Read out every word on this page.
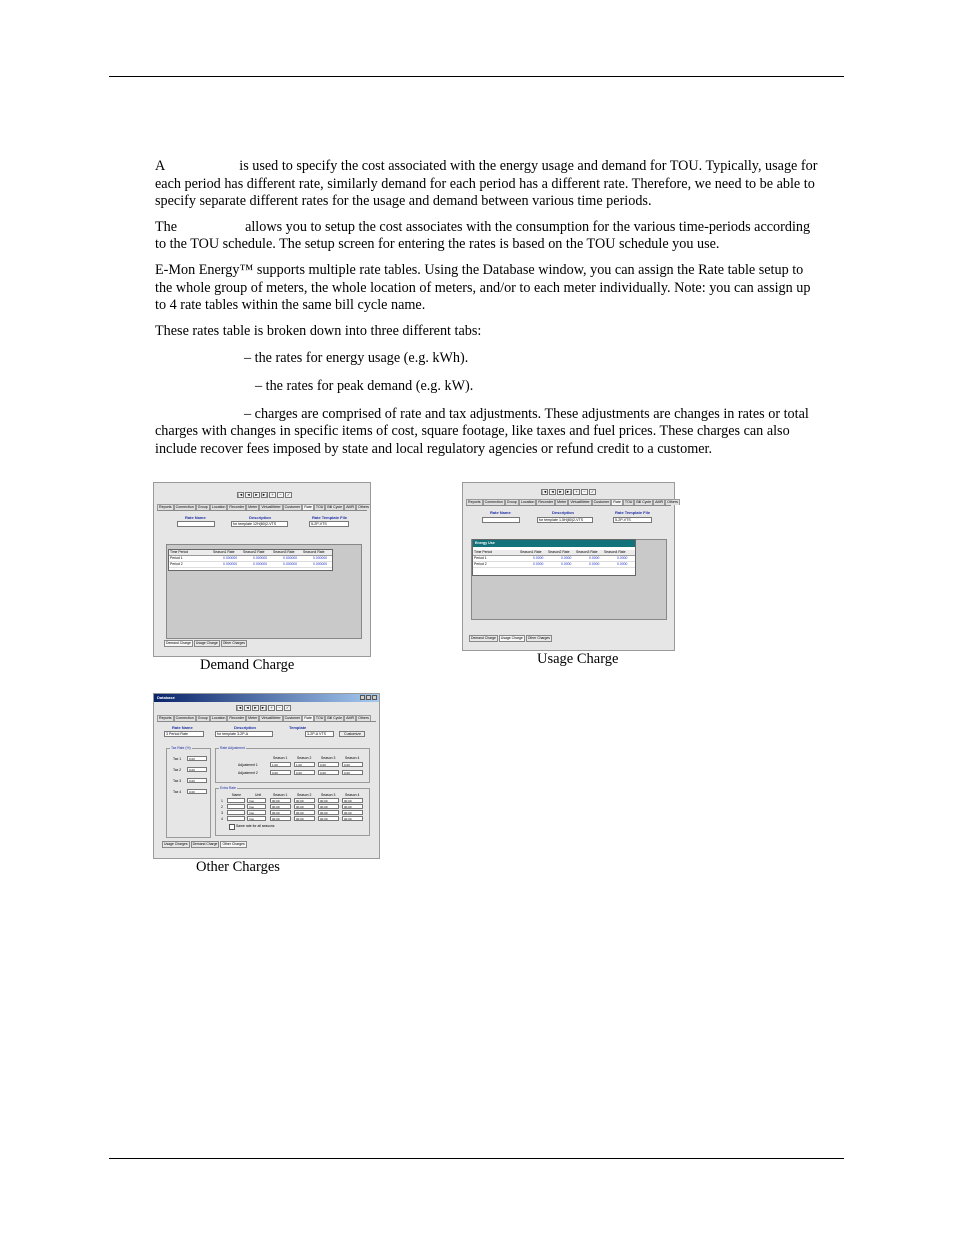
A	is used to specify the cost associated with the energy usage and demand for TOU. Typically, usage for
each period has different rate, similarly demand for each period has a different rate. Therefore, we need to be able to
specify separate different rates for the usage and demand between various time periods.

The	allows you to setup the cost associates with the consumption for the various time-periods according
to the TOU schedule. The setup screen for entering the rates is based on the TOU schedule you use.

E-Mon Energy™ supports multiple rate tables. Using the Database window, you can assign the Rate table setup to
the whole group of meters, the whole location of meters, and/or to each meter individually. Note: you can assign up
to 4 rate tables within the same bill cycle name.

These rates table is broken down into three different tabs:

– the rates for energy usage (e.g. kWh).

– the rates for peak demand (e.g. kW).

– charges are comprised of rate and tax adjustments. These adjustments are changes in rates or total
charges with changes in specific items of cost, square footage, like taxes and fuel prices. These charges can also
include recover fees imposed by state and local regulatory agencies or refund credit to a customer.

|◄ ◄	► ►|	+	−	✓
Reports	Connection	Group	Location	Recorder	Meter	VirtualMeter	Customer	Rate	TOU	Bill Cycle	AMR	Others
Rate Name	Description	Rate Template File
for template 12H(80)2-VTS	5-2P-VTS
Time Period	Season1 Rate	Season2 Rate	Season3 Rate	Season4 Rate
Period 1	0.000000	0.000000	0.000000	0.000000
Period 2	0.000000	0.000000	0.000000	0.000000
Demand Charge	Usage Charge	Other Charges
Demand Charge
|◄ ◄	► ►|	+	−	✓
Reports	Connection	Group	Location	Recorder	Meter	VirtualMeter	Customer	Rate	TOU	Bill Cycle	AMR	Others
Rate Name	Description	Rate Template File
for template 1.5H(80)2-VTS	5-2P-VTS
Energy Use
Time Period	Season1 Rate Season2 Rate Season3 Rate Season4 Rate
Period 1	0.0000	0.0000	0.0000	0.0000
Period 2	0.0000	0.0000	0.0000	0.0000
Demand Charge	Usage Charge	Other Charges
Usage Charge
Database
|◄ ◄	► ►|	+	−	✓
Reports	Connection	Group	Location	Recorder	Meter	VirtualMeter	Customer	Rate	TOU	Bill Cycle	AMR	Others
Rate Name	Description	Template
3 Period Rate	for template 3-2P-A	3-2P-A VTS	Customize
Tax Rate (%)
Tax 1	0.00
Tax 2	0.00
Tax 3	0.00
Tax 4	0.00
Rate Adjustment
Season 1	Season 2	Season 3	Season 4
Adjustment 1	1.00	1.00	0.00	0.00
Adjustment 2	0.00	0.00	0.00	0.00
Extra Rate
Name	Unit	Season 1	Season 2	Season 3	Season 4
1	/mo	00.00	00.00	00.00	00.00
2	/mo	00.00	00.00	00.00	00.00
3	/mo	00.00	00.00	00.00	00.00
4	/mo	00.00	00.00	00.00	00.00
Same rate for all seasons
Usage Charges	Demand Charge	Other Charges
Other Charges
